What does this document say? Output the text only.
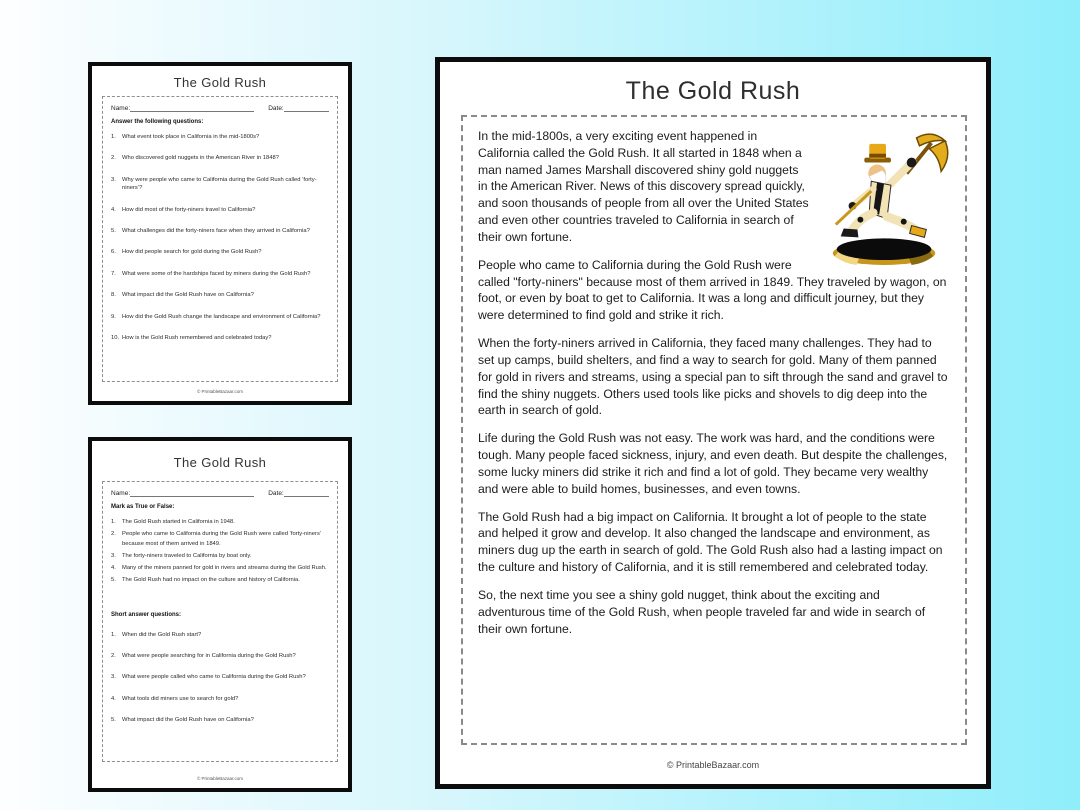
The Gold Rush
Name:	Date:
Answer the following questions:
1.	What event took place in California in the mid-1800s?
2.	Who discovered gold nuggets in the American River in 1848?
3.	Why were people who came to California during the Gold Rush called ‘forty-niners’?
4.	How did most of the forty-niners travel to California?
5.	What challenges did the forty-niners face when they arrived in California?
6.	How did people search for gold during the Gold Rush?
7.	What were some of the hardships faced by miners during the Gold Rush?
8.	What impact did the Gold Rush have on California?
9.	How did the Gold Rush change the landscape and environment of California?
10. How is the Gold Rush remembered and celebrated today?
© PrintableBazaar.com
The Gold Rush
Name:	Date:
Mark as True or False:
1.	The Gold Rush started in California in 1948.
2.	People who came to California during the Gold Rush were called ‘forty-niners’ because most of them arrived in 1849.
3.	The forty-niners traveled to California by boat only.
4.	Many of the miners panned for gold in rivers and streams during the Gold Rush.
5.	The Gold Rush had no impact on the culture and history of California.
Short answer questions:
1.	When did the Gold Rush start?
2.	What were people searching for in California during the Gold Rush?
3.	What were people called who came to California during the Gold Rush?
4.	What tools did miners use to search for gold?
5.	What impact did the Gold Rush have on California?
© PrintableBazaar.com
The Gold Rush

In the mid-1800s, a very exciting event happened in California called the Gold Rush. It all started in 1848 when a man named James Marshall discovered shiny gold nuggets in the American River. News of this discovery spread quickly, and soon thousands of people from all over the United States and even other countries traveled to California in search of their own fortune.

People who came to California during the Gold Rush were called "forty-niners" because most of them arrived in 1849. They traveled by wagon, on foot, or even by boat to get to California. It was a long and difficult journey, but they were determined to find gold and strike it rich.

When the forty-niners arrived in California, they faced many challenges. They had to set up camps, build shelters, and find a way to search for gold. Many of them panned for gold in rivers and streams, using a special pan to sift through the sand and gravel to find the shiny nuggets. Others used tools like picks and shovels to dig deep into the earth in search of gold.

Life during the Gold Rush was not easy. The work was hard, and the conditions were tough. Many people faced sickness, injury, and even death. But despite the challenges, some lucky miners did strike it rich and find a lot of gold. They became very wealthy and were able to build homes, businesses, and even towns.

The Gold Rush had a big impact on California. It brought a lot of people to the state and helped it grow and develop. It also changed the landscape and environment, as miners dug up the earth in search of gold. The Gold Rush also had a lasting impact on the culture and history of California, and it is still remembered and celebrated today.

So, the next time you see a shiny gold nugget, think about the exciting and adventurous time of the Gold Rush, when people traveled far and wide in search of their own fortune.

© PrintableBazaar.com
